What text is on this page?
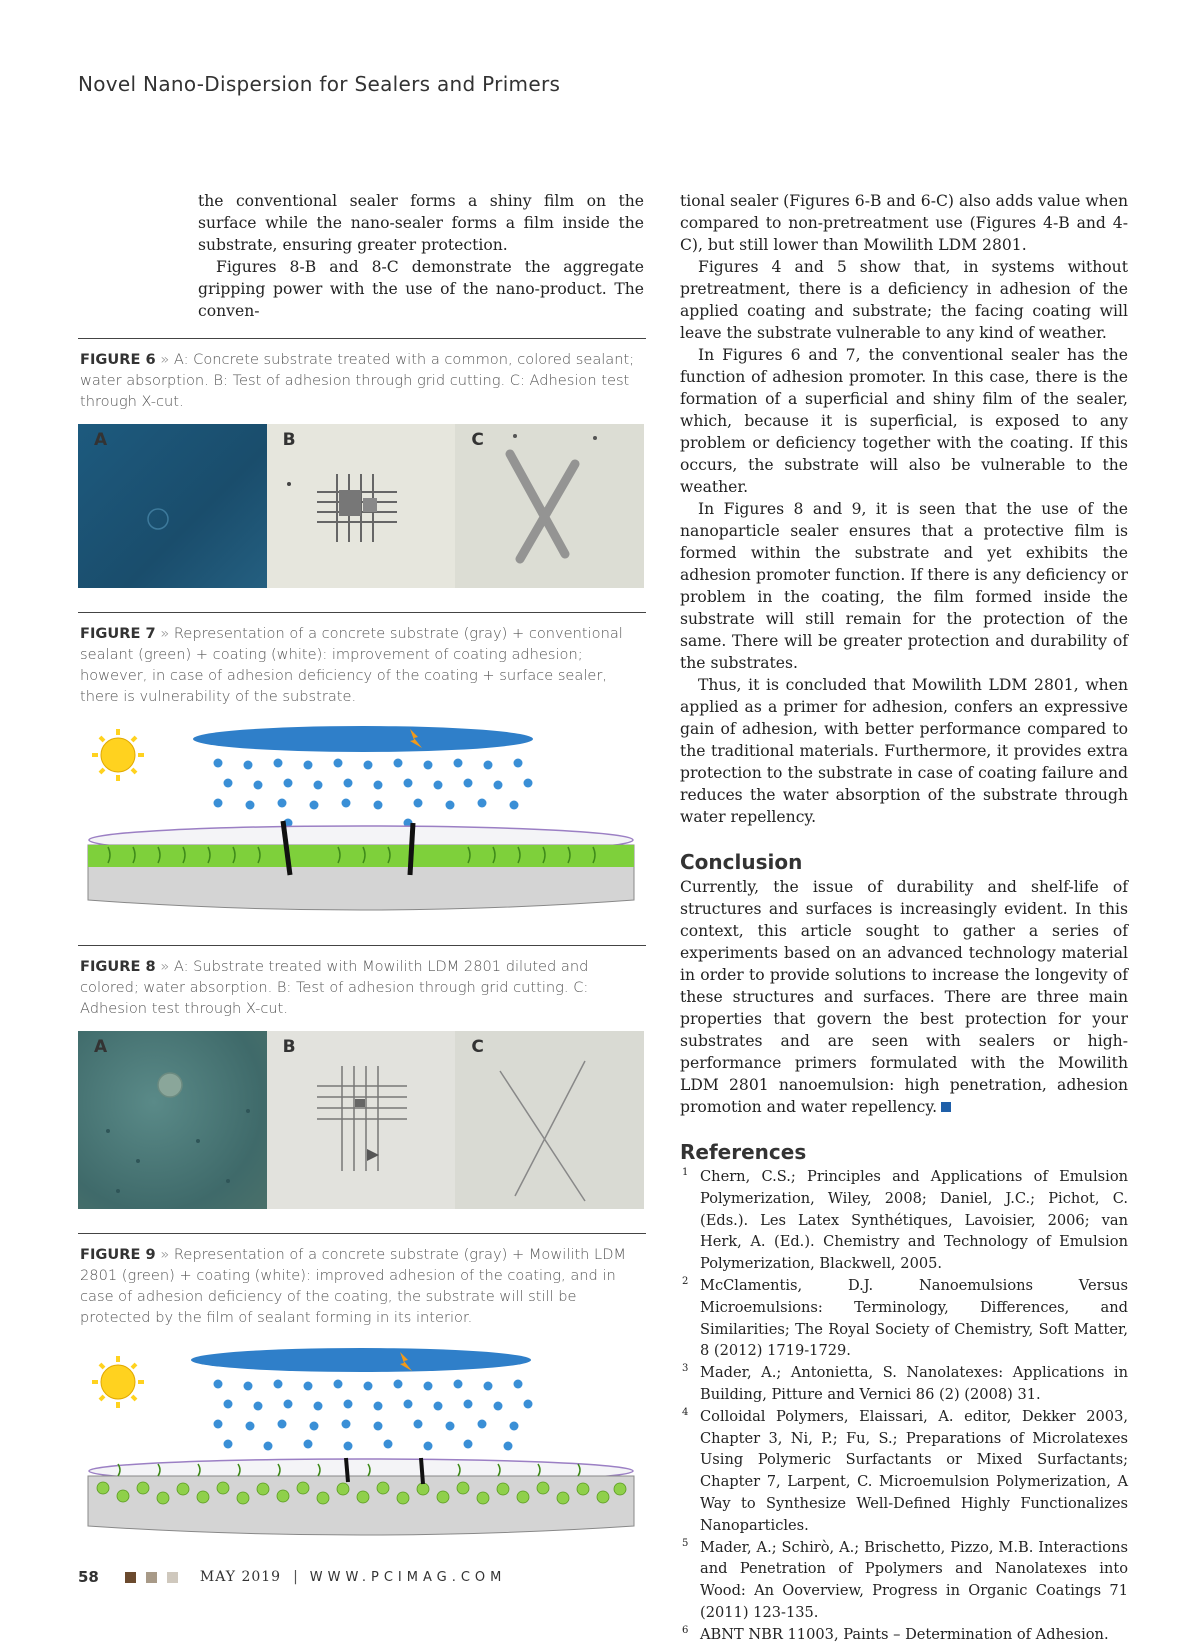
Novel Nano-Dispersion for Sealers and Primers

the conventional sealer forms a shiny film on the surface while the nano-sealer forms a film inside the substrate, ensuring greater protection.

Figures 8-B and 8-C demonstrate the aggregate gripping power with the use of the nano-product. The conven-

FIGURE 6 » A: Concrete substrate treated with a common, colored sealant; water absorption. B: Test of adhesion through grid cutting. C: Adhesion test through X-cut.
A	B	C
FIGURE 7 » Representation of a concrete substrate (gray) + conventional sealant (green) + coating (white): improvement of coating adhesion; however, in case of adhesion deficiency of the coating + surface sealer, there is vulnerability of the substrate.
FIGURE 8 » A: Substrate treated with Mowilith LDM 2801 diluted and colored; water absorption. B: Test of adhesion through grid cutting. C: Adhesion test through X-cut.
A	B	C
FIGURE 9 » Representation of a concrete substrate (gray) + Mowilith LDM 2801 (green) + coating (white): improved adhesion of the coating, and in case of adhesion deficiency of the coating, the substrate will still be protected by the film of sealant forming in its interior.

tional sealer (Figures 6-B and 6-C) also adds value when compared to non-pretreatment use (Figures 4-B and 4-C), but still lower than Mowilith LDM 2801.

Figures 4 and 5 show that, in systems without pretreatment, there is a deficiency in adhesion of the applied coating and substrate; the facing coating will leave the substrate vulnerable to any kind of weather.

In Figures 6 and 7, the conventional sealer has the function of adhesion promoter. In this case, there is the formation of a superficial and shiny film of the sealer, which, because it is superficial, is exposed to any problem or deficiency together with the coating. If this occurs, the substrate will also be vulnerable to the weather.

In Figures 8 and 9, it is seen that the use of the nanoparticle sealer ensures that a protective film is formed within the substrate and yet exhibits the adhesion promoter function. If there is any deficiency or problem in the coating, the film formed inside the substrate will still remain for the protection of the same. There will be greater protection and durability of the substrates.

Thus, it is concluded that Mowilith LDM 2801, when applied as a primer for adhesion, confers an expressive gain of adhesion, with better performance compared to the traditional materials. Furthermore, it provides extra protection to the substrate in case of coating failure and reduces the water absorption of the substrate through water repellency.

Conclusion

Currently, the issue of durability and shelf-life of structures and surfaces is increasingly evident. In this context, this article sought to gather a series of experiments based on an advanced technology material in order to provide solutions to increase the longevity of these structures and surfaces. There are three main properties that govern the best protection for your substrates and are seen with sealers or high-performance primers formulated with the Mowilith LDM 2801 nanoemulsion: high penetration, adhesion promotion and water repellency.

References
1 Chern, C.S.; Principles and Applications of Emulsion Polymerization, Wiley, 2008; Daniel, J.C.; Pichot, C. (Eds.). Les Latex Synthétiques, Lavoisier, 2006; van Herk, A. (Ed.). Chemistry and Technology of Emulsion Polymerization, Blackwell, 2005.
2 McClamentis, D.J. Nanoemulsions Versus Microemulsions: Terminology, Differences, and Similarities; The Royal Society of Chemistry, Soft Matter, 8 (2012) 1719-1729.
3 Mader, A.; Antonietta, S. Nanolatexes: Applications in Building, Pitture and Vernici 86 (2) (2008) 31.
4 Colloidal Polymers, Elaissari, A. editor, Dekker 2003, Chapter 3, Ni, P.; Fu, S.; Preparations of Microlatexes Using Polymeric Surfactants or Mixed Surfactants; Chapter 7, Larpent, C. Microemulsion Polymerization, A Way to Synthesize Well-Defined Highly Functionalizes Nanoparticles.
5 Mader, A.; Schirò, A.; Brischetto, Pizzo, M.B. Interactions and Penetration of Ppolymers and Nanolatexes into Wood: An Ooverview, Progress in Organic Coatings 71 (2011) 123-135.
6 ABNT NBR 11003, Paints – Determination of Adhesion.
58	MAY 2019 | WWW.PCIMAG.COM
